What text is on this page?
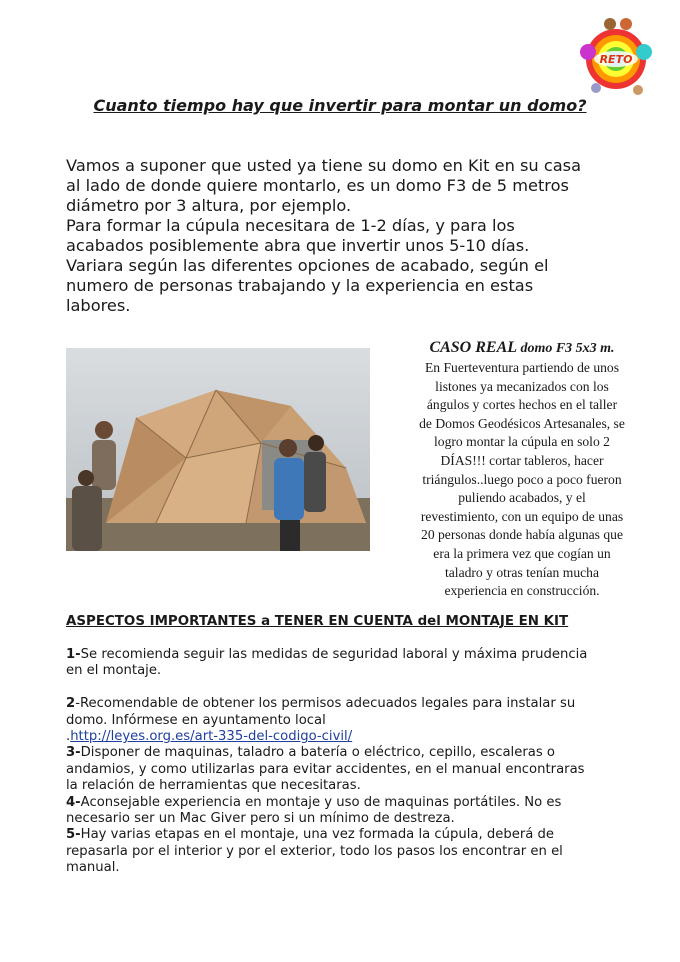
RETO
Cuanto tiempo hay que invertir para montar un domo?
Vamos a suponer que usted ya tiene su domo en Kit en su casa
al lado de donde quiere montarlo, es un domo F3 de 5 metros
diámetro por 3 altura, por ejemplo.
Para formar la cúpula necesitara de 1-2 días, y para los
acabados posiblemente abra que invertir unos 5-10 días.
Variara según las diferentes opciones de acabado, según el
numero de personas trabajando y la experiencia en estas
labores.
CASO REAL domo F3 5x3 m.
En Fuerteventura partiendo de unos
listones ya mecanizados con los
ángulos y cortes hechos en el taller
de Domos Geodésicos Artesanales, se
logro montar la cúpula en solo 2
DÍAS!!! cortar tableros, hacer
triángulos..luego poco a poco fueron
puliendo acabados, y el
revestimiento, con un equipo de unas
20 personas donde había algunas que
era la primera vez que cogían un
taladro y otras tenían mucha
experiencia en construcción.
ASPECTOS IMPORTANTES a TENER EN CUENTA del MONTAJE EN KIT

1-Se recomienda seguir las medidas de seguridad laboral y máxima prudencia
en el montaje.

2-Recomendable de obtener los permisos adecuados legales para instalar su
domo. Infórmese en ayuntamento local

.http://leyes.org.es/art-335-del-codigo-civil/

3-Disponer de maquinas, taladro a batería o eléctrico, cepillo, escaleras o
andamios, y como utilizarlas para evitar accidentes, en el manual encontraras
la relación de herramientas que necesitaras.

4-Aconsejable experiencia en montaje y uso de maquinas portátiles. No es
necesario ser un Mac Giver pero si un mínimo de destreza.

5-Hay varias etapas en el montaje, una vez formada la cúpula, deberá de
repasarla por el interior y por el exterior, todo los pasos los encontrar en el
manual.
